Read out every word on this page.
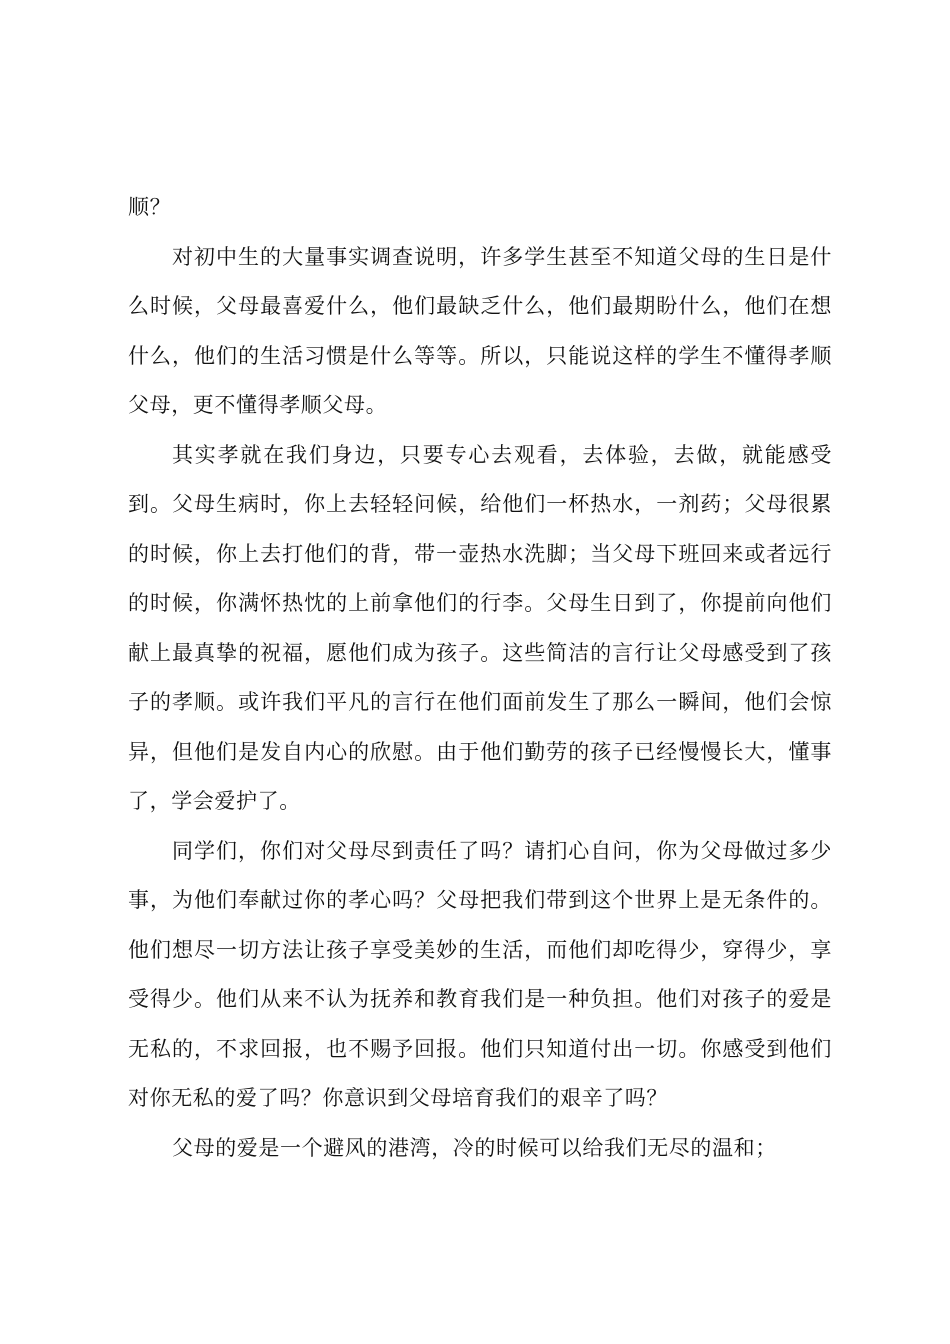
顺？

对初中生的大量事实调查说明，许多学生甚至不知道父母的生日是什么时候，父母最喜爱什么，他们最缺乏什么，他们最期盼什么，他们在想什么，他们的生活习惯是什么等等。所以，只能说这样的学生不懂得孝顺父母，更不懂得孝顺父母。

其实孝就在我们身边，只要专心去观看，去体验，去做，就能感受到。父母生病时，你上去轻轻问候，给他们一杯热水，一剂药；父母很累的时候，你上去打他们的背，带一壶热水洗脚；当父母下班回来或者远行的时候，你满怀热忱的上前拿他们的行李。父母生日到了，你提前向他们献上最真挚的祝福，愿他们成为孩子。这些简洁的言行让父母感受到了孩子的孝顺。或许我们平凡的言行在他们面前发生了那么一瞬间，他们会惊异，但他们是发自内心的欣慰。由于他们勤劳的孩子已经慢慢长大，懂事了，学会爱护了。

同学们，你们对父母尽到责任了吗？请扪心自问，你为父母做过多少事，为他们奉献过你的孝心吗？父母把我们带到这个世界上是无条件的。他们想尽一切方法让孩子享受美妙的生活，而他们却吃得少，穿得少，享受得少。他们从来不认为抚养和教育我们是一种负担。他们对孩子的爱是无私的，不求回报，也不赐予回报。他们只知道付出一切。你感受到他们对你无私的爱了吗？你意识到父母培育我们的艰辛了吗？

父母的爱是一个避风的港湾，冷的时候可以给我们无尽的温和；
